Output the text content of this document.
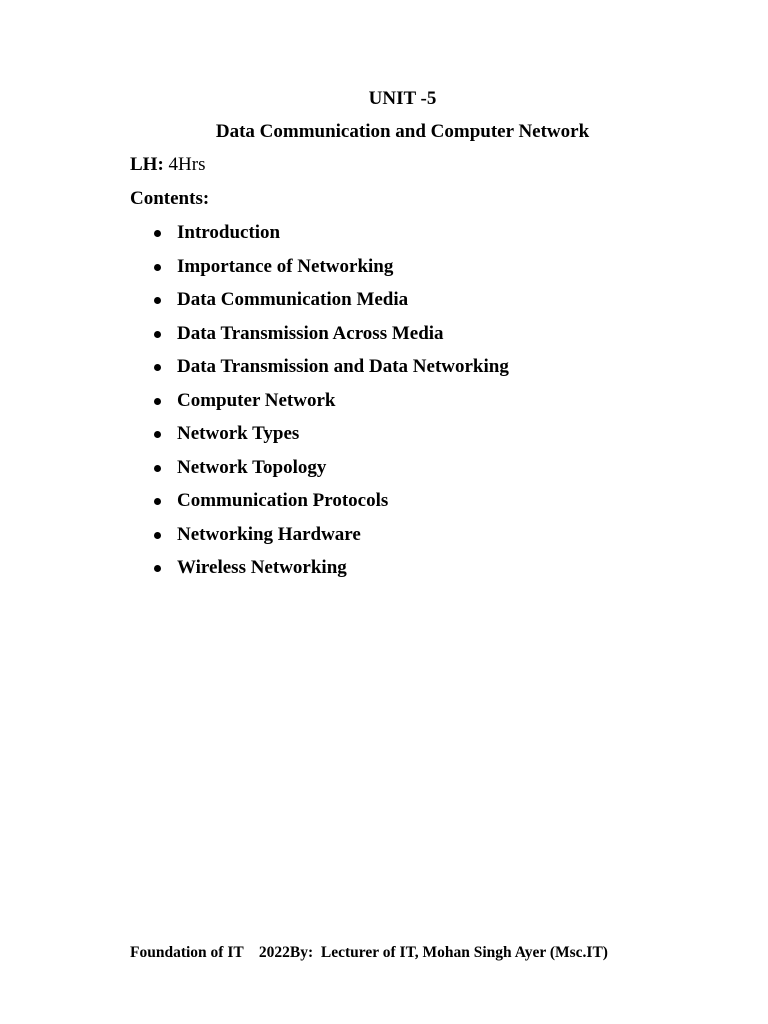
UNIT -5
Data Communication and Computer Network
LH: 4Hrs
Contents:
Introduction
Importance of Networking
Data Communication Media
Data Transmission Across Media
Data Transmission and Data Networking
Computer Network
Network Types
Network Topology
Communication Protocols
Networking Hardware
Wireless Networking
Foundation of IT    2022By:  Lecturer of IT, Mohan Singh Ayer (Msc.IT)
